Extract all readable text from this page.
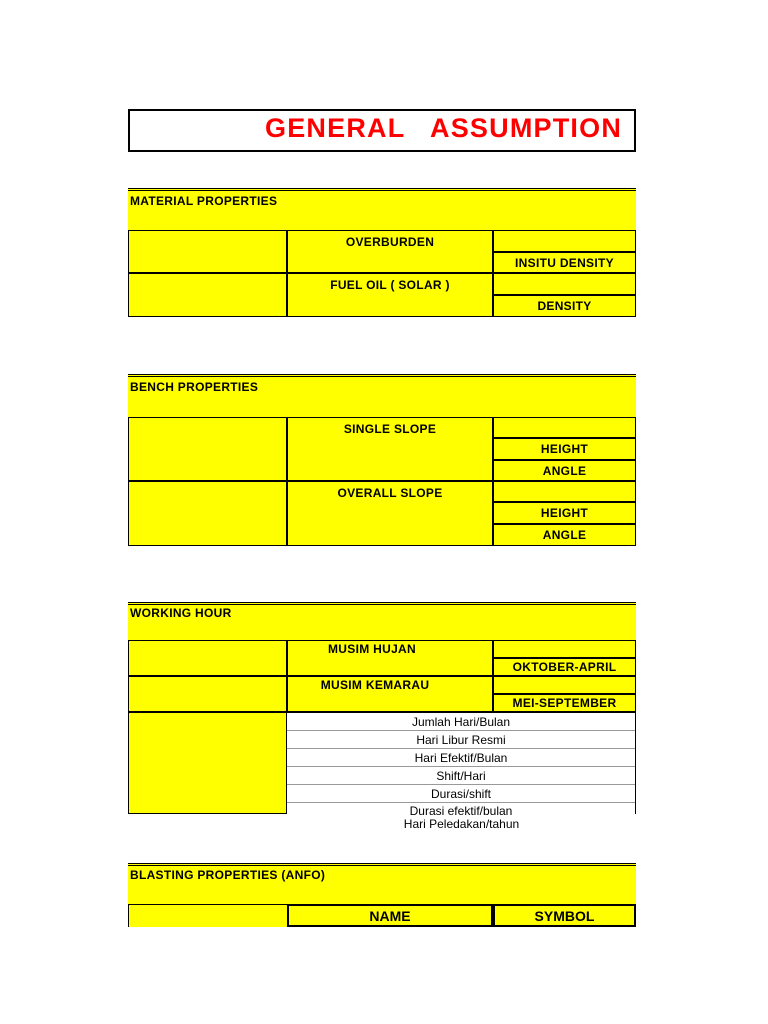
GENERAL   ASSUMPTION
MATERIAL PROPERTIES
OVERBURDEN
INSITU DENSITY
FUEL OIL ( SOLAR )
DENSITY
BENCH PROPERTIES
SINGLE SLOPE
HEIGHT
ANGLE
OVERALL SLOPE
HEIGHT
ANGLE
WORKING HOUR
MUSIM HUJAN
OKTOBER-APRIL
MUSIM KEMARAU
MEI-SEPTEMBER
Jumlah Hari/Bulan
Hari Libur Resmi
Hari Efektif/Bulan
Shift/Hari
Durasi/shift
Durasi efektif/bulan
Hari Peledakan/tahun
BLASTING PROPERTIES (ANFO)
NAME	SYMBOL
